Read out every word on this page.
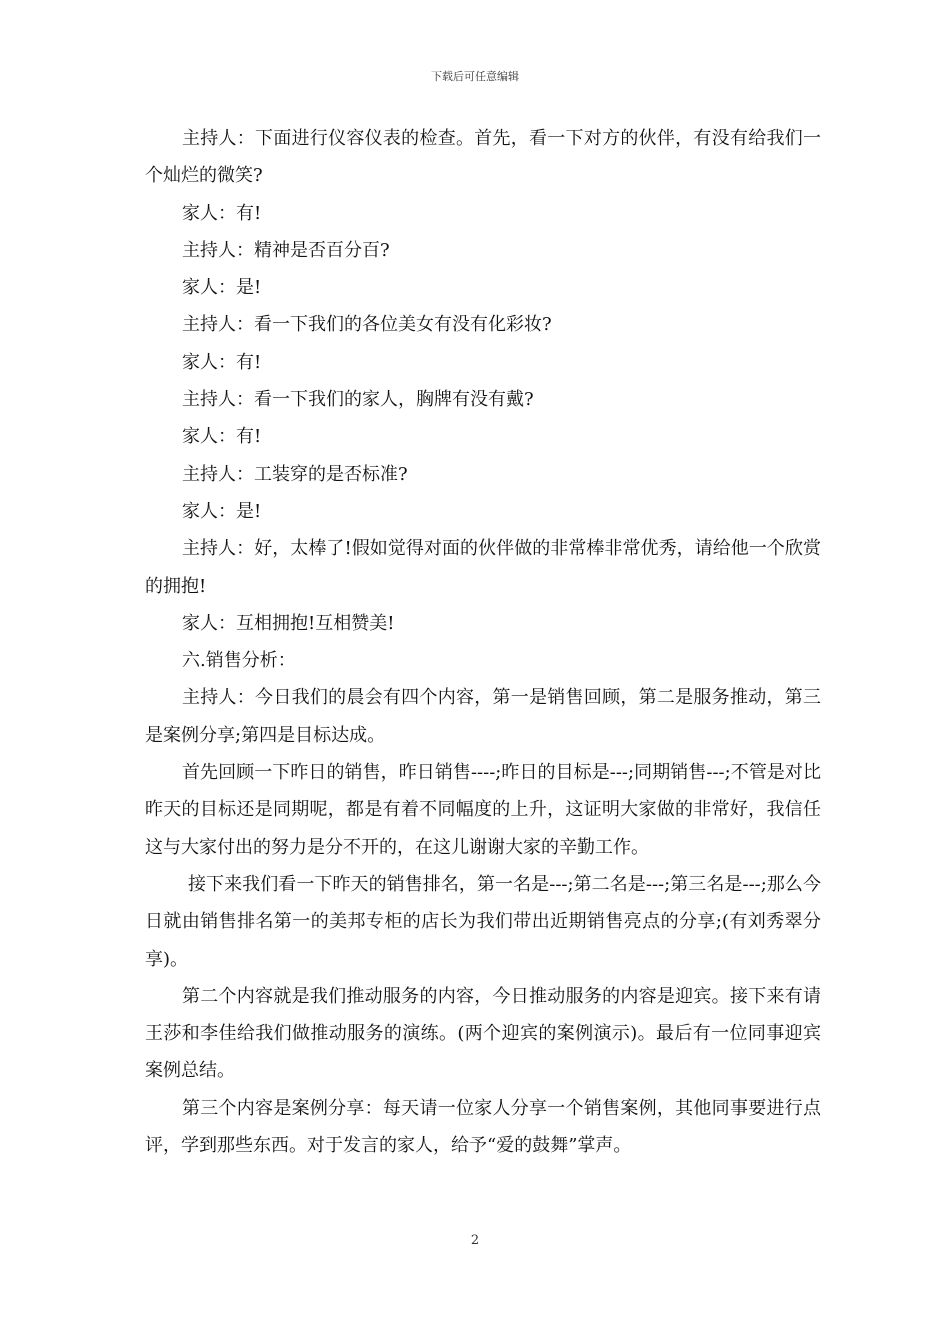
下载后可任意编辑

主持人：下面进行仪容仪表的检查。首先，看一下对方的伙伴，有没有给我们一个灿烂的微笑?

家人：有!

主持人：精神是否百分百?

家人：是!

主持人：看一下我们的各位美女有没有化彩妆?

家人：有!

主持人：看一下我们的家人，胸牌有没有戴?

家人：有!

主持人：工装穿的是否标准?

家人：是!

主持人：好，太棒了!假如觉得对面的伙伴做的非常棒非常优秀，请给他一个欣赏的拥抱!

家人：互相拥抱!互相赞美!

六.销售分析：

主持人：今日我们的晨会有四个内容，第一是销售回顾，第二是服务推动，第三是案例分享;第四是目标达成。

首先回顾一下昨日的销售，昨日销售----;昨日的目标是---;同期销售---;不管是对比昨天的目标还是同期呢，都是有着不同幅度的上升，这证明大家做的非常好，我信任这与大家付出的努力是分不开的，在这儿谢谢大家的辛勤工作。

接下来我们看一下昨天的销售排名，第一名是---;第二名是---;第三名是---;那么今日就由销售排名第一的美邦专柜的店长为我们带出近期销售亮点的分享;(有刘秀翠分享)。

第二个内容就是我们推动服务的内容，今日推动服务的内容是迎宾。接下来有请王莎和李佳给我们做推动服务的演练。(两个迎宾的案例演示)。最后有一位同事迎宾案例总结。

第三个内容是案例分享：每天请一位家人分享一个销售案例，其他同事要进行点评，学到那些东西。对于发言的家人，给予“爱的鼓舞”掌声。

2
